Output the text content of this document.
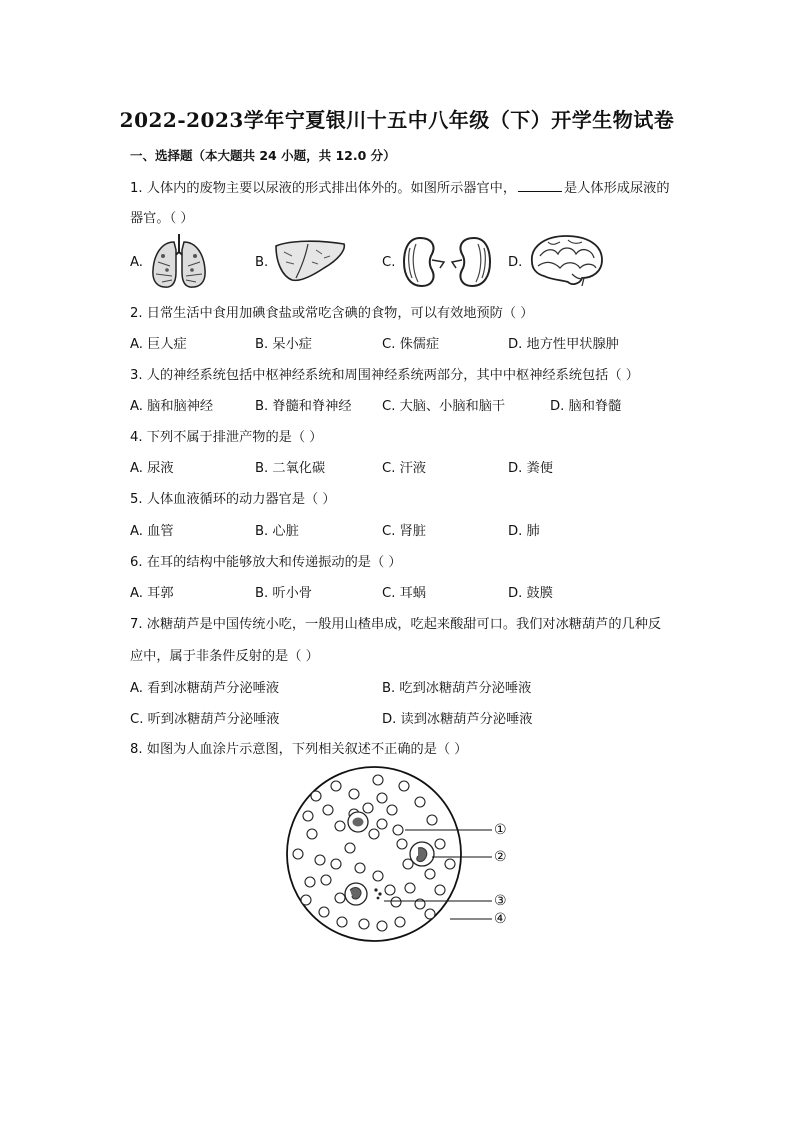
2022-2023学年宁夏银川十五中八年级（下）开学生物试卷
一、选择题（本大题共 24 小题，共 12.0 分）
1. 人体内的废物主要以尿液的形式排出体外的。如图所示器官中，	是人体形成尿液的
器官。（ ）
A.	B.	C.	D.
2. 日常生活中食用加碘食盐或常吃含碘的食物，可以有效地预防（ ）
A. 巨人症	B. 呆小症	C. 侏儒症	D. 地方性甲状腺肿
3. 人的神经系统包括中枢神经系统和周围神经系统两部分，其中中枢神经系统包括（ ）
A. 脑和脑神经	B. 脊髓和脊神经 C. 大脑、小脑和脑干	D. 脑和脊髓
4. 下列不属于排泄产物的是（ ）
A. 尿液	B. 二氧化碳	C. 汗液	D. 粪便
5. 人体血液循环的动力器官是（ ）
A. 血管	B. 心脏	C. 肾脏	D. 肺
6. 在耳的结构中能够放大和传递振动的是（ ）
A. 耳郭	B. 听小骨	C. 耳蜗	D. 鼓膜
7. 冰糖葫芦是中国传统小吃，一般用山楂串成，吃起来酸甜可口。我们对冰糖葫芦的几种反
应中，属于非条件反射的是（ ）
A. 看到冰糖葫芦分泌唾液	B. 吃到冰糖葫芦分泌唾液
C. 听到冰糖葫芦分泌唾液	D. 读到冰糖葫芦分泌唾液
8. 如图为人血涂片示意图，下列相关叙述不正确的是（ ）
①
②
③
④
